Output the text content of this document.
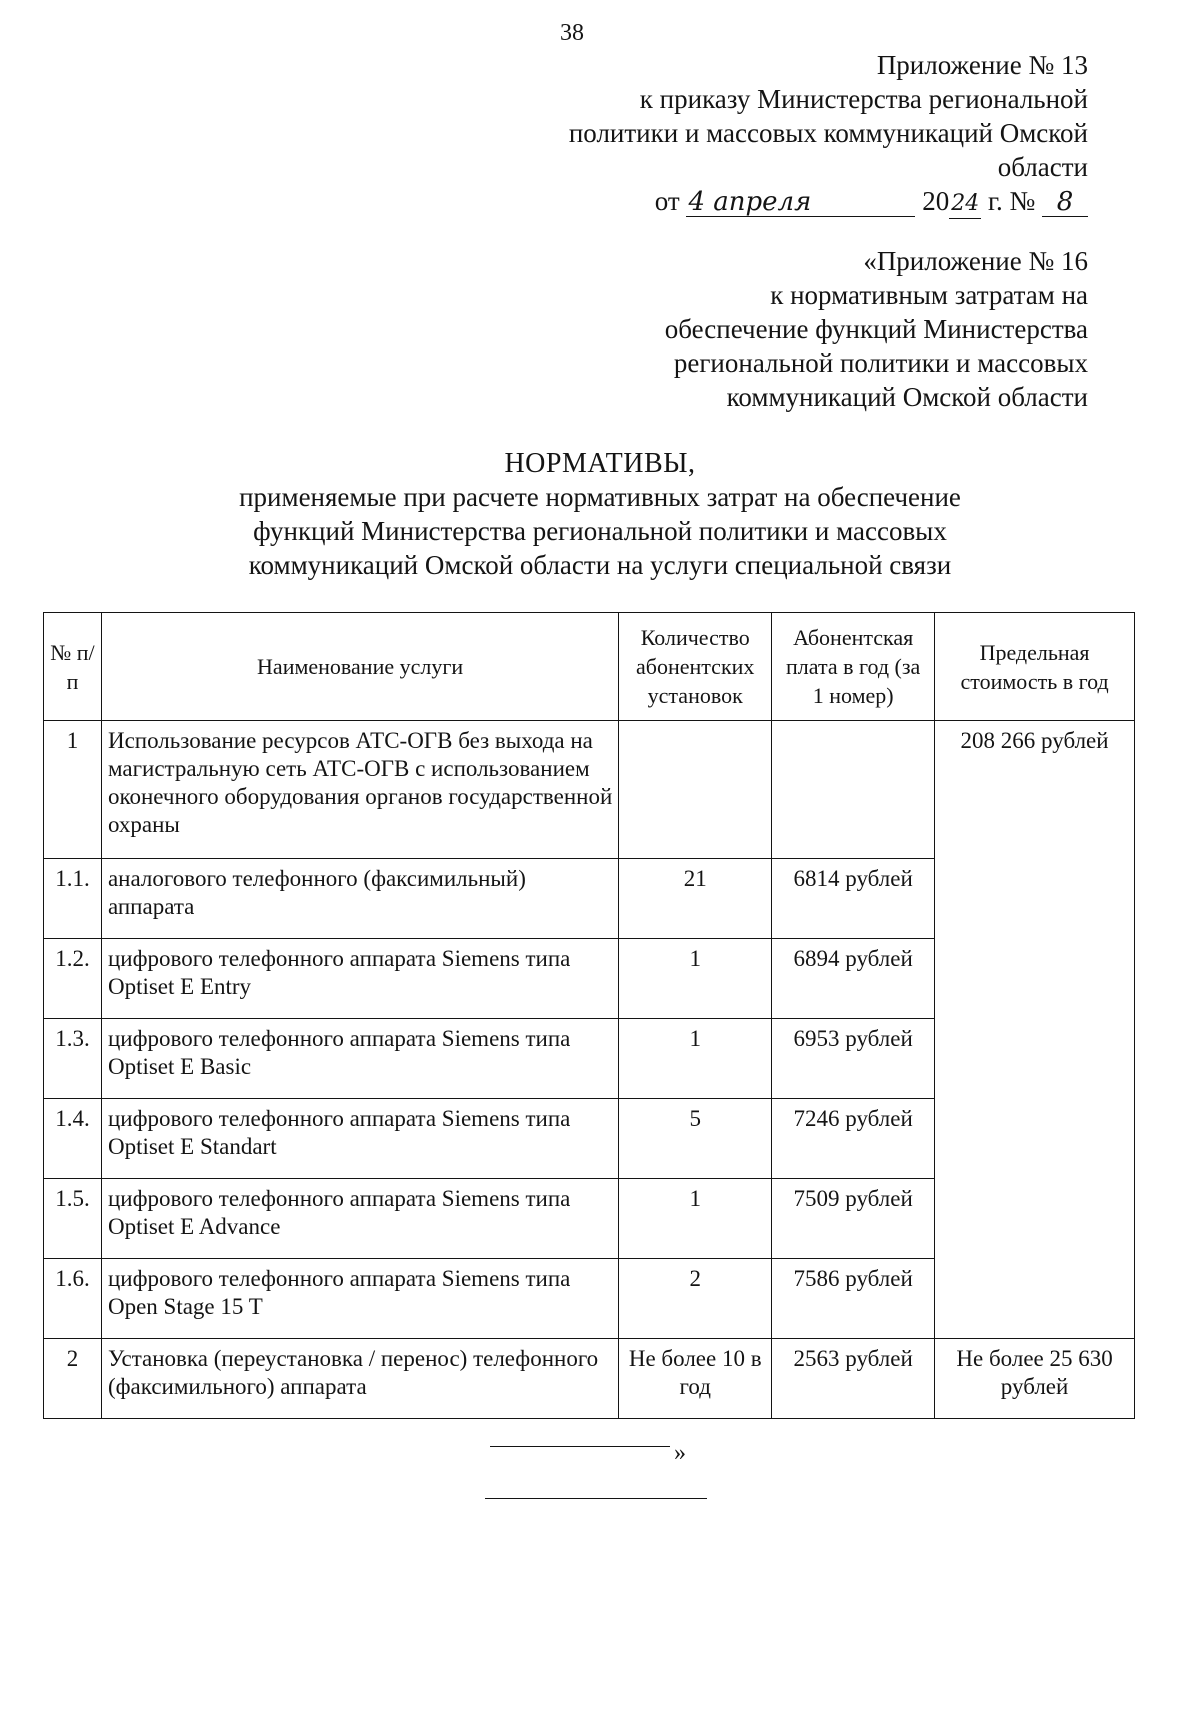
38
Приложение № 13
к приказу Министерства региональной
политики и массовых коммуникаций Омской
области
от 4 апреля	2024 г. № 8
«Приложение № 16
к нормативным затратам на
обеспечение функций Министерства
региональной политики и массовых
коммуникаций Омской области
НОРМАТИВЫ,
применяемые при расчете нормативных затрат на обеспечение
функций Министерства региональной политики и массовых
коммуникаций Омской области на услуги специальной связи
№ п/п	Наименование услуги	Количество абонентских установок	Абонентская плата в год (за 1 номер)	Предельная стоимость в год
1	Использование ресурсов АТС-ОГВ без выхода на магистральную сеть АТС-ОГВ с использованием оконечного оборудования органов государственной охраны			208 266 рублей
1.1.	аналогового телефонного (факсимильный) аппарата	21	6814 рублей	
1.2.	цифрового телефонного аппарата Siemens типа Optiset E Entry	1	6894 рублей	
1.3.	цифрового телефонного аппарата Siemens типа Optiset E Basic	1	6953 рублей	
1.4.	цифрового телефонного аппарата Siemens типа Optiset E Standart	5	7246 рублей	
1.5.	цифрового телефонного аппарата Siemens типа Optiset E Advance	1	7509 рублей	
1.6.	цифрового телефонного аппарата Siemens типа Open Stage 15 T	2	7586 рублей	
2	Установка (переустановка / перенос) телефонного (факсимильного) аппарата	Не более 10 в год	2563 рублей	Не более 25 630 рублей
»
